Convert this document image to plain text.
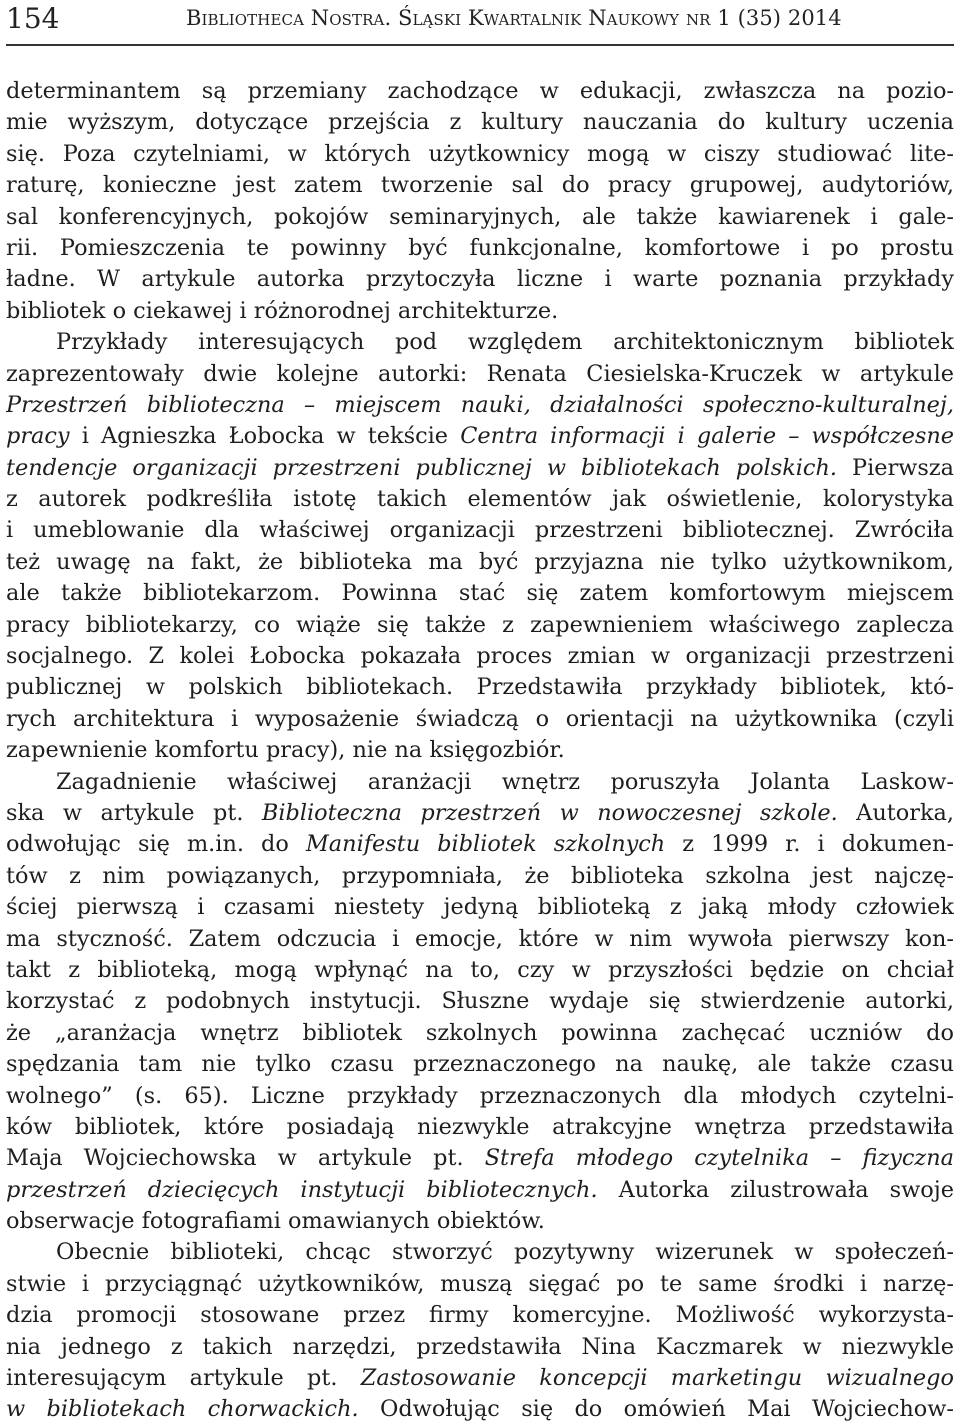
154	Bibliotheca Nostra. Śląski Kwartalnik Naukowy nr 1 (35) 2014
determinantem są przemiany zachodzące w edukacji, zwłaszcza na pozio-
mie wyższym, dotyczące przejścia z kultury nauczania do kultury uczenia
się. Poza czytelniami, w których użytkownicy mogą w ciszy studiować lite-
raturę, konieczne jest zatem tworzenie sal do pracy grupowej, audytoriów,
sal konferencyjnych, pokojów seminaryjnych, ale także kawiarenek i gale-
rii. Pomieszczenia te powinny być funkcjonalne, komfortowe i po prostu
ładne. W artykule autorka przytoczyła liczne i warte poznania przykłady
bibliotek o ciekawej i różnorodnej architekturze.
Przykłady interesujących pod względem architektonicznym bibliotek
zaprezentowały dwie kolejne autorki: Renata Ciesielska-Kruczek w artykule
Przestrzeń biblioteczna – miejscem nauki, działalności społeczno-kulturalnej,
pracy i Agnieszka Łobocka w tekście Centra informacji i galerie – współczesne
tendencje organizacji przestrzeni publicznej w bibliotekach polskich. Pierwsza
z autorek podkreśliła istotę takich elementów jak oświetlenie, kolorystyka
i umeblowanie dla właściwej organizacji przestrzeni bibliotecznej. Zwróciła
też uwagę na fakt, że biblioteka ma być przyjazna nie tylko użytkownikom,
ale także bibliotekarzom. Powinna stać się zatem komfortowym miejscem
pracy bibliotekarzy, co wiąże się także z zapewnieniem właściwego zaplecza
socjalnego. Z kolei Łobocka pokazała proces zmian w organizacji przestrzeni
publicznej w polskich bibliotekach. Przedstawiła przykłady bibliotek, któ-
rych architektura i wyposażenie świadczą o orientacji na użytkownika (czyli
zapewnienie komfortu pracy), nie na księgozbiór.
Zagadnienie właściwej aranżacji wnętrz poruszyła Jolanta Laskow-
ska w artykule pt. Biblioteczna przestrzeń w nowoczesnej szkole. Autorka,
odwołując się m.in. do Manifestu bibliotek szkolnych z 1999 r. i dokumen-
tów z nim powiązanych, przypomniała, że biblioteka szkolna jest najczę-
ściej pierwszą i czasami niestety jedyną biblioteką z jaką młody człowiek
ma styczność. Zatem odczucia i emocje, które w nim wywoła pierwszy kon-
takt z biblioteką, mogą wpłynąć na to, czy w przyszłości będzie on chciał
korzystać z podobnych instytucji. Słuszne wydaje się stwierdzenie autorki,
że „aranżacja wnętrz bibliotek szkolnych powinna zachęcać uczniów do
spędzania tam nie tylko czasu przeznaczonego na naukę, ale także czasu
wolnego” (s. 65). Liczne przykłady przeznaczonych dla młodych czytelni-
ków bibliotek, które posiadają niezwykle atrakcyjne wnętrza przedstawiła
Maja Wojciechowska w artykule pt. Strefa młodego czytelnika – fizyczna
przestrzeń dziecięcych instytucji bibliotecznych. Autorka zilustrowała swoje
obserwacje fotografiami omawianych obiektów.
Obecnie biblioteki, chcąc stworzyć pozytywny wizerunek w społeczeń-
stwie i przyciągnąć użytkowników, muszą sięgać po te same środki i narzę-
dzia promocji stosowane przez firmy komercyjne. Możliwość wykorzysta-
nia jednego z takich narzędzi, przedstawiła Nina Kaczmarek w niezwykle
interesującym artykule pt. Zastosowanie koncepcji marketingu wizualnego
w bibliotekach chorwackich. Odwołując się do omówień Mai Wojciechow-
